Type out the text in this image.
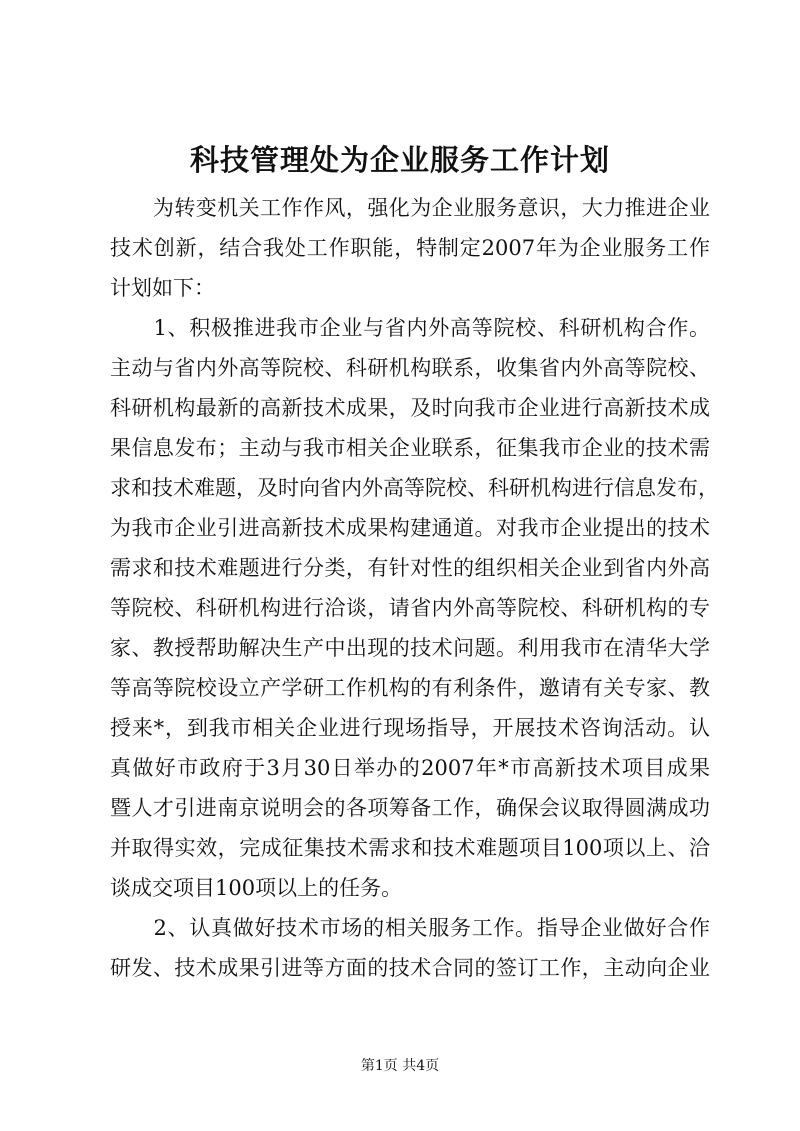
科技管理处为企业服务工作计划
　　为转变机关工作作风，强化为企业服务意识，大力推进企业
技术创新，结合我处工作职能，特制定2007年为企业服务工作
计划如下：
　　1、积极推进我市企业与省内外高等院校、科研机构合作。
主动与省内外高等院校、科研机构联系，收集省内外高等院校、
科研机构最新的高新技术成果，及时向我市企业进行高新技术成
果信息发布；主动与我市相关企业联系，征集我市企业的技术需
求和技术难题，及时向省内外高等院校、科研机构进行信息发布，
为我市企业引进高新技术成果构建通道。对我市企业提出的技术
需求和技术难题进行分类，有针对性的组织相关企业到省内外高
等院校、科研机构进行洽谈，请省内外高等院校、科研机构的专
家、教授帮助解决生产中出现的技术问题。利用我市在清华大学
等高等院校设立产学研工作机构的有利条件，邀请有关专家、教
授来*，到我市相关企业进行现场指导，开展技术咨询活动。认
真做好市政府于3月30日举办的2007年*市高新技术项目成果
暨人才引进南京说明会的各项筹备工作，确保会议取得圆满成功
并取得实效，完成征集技术需求和技术难题项目100项以上、洽
谈成交项目100项以上的任务。
　　2、认真做好技术市场的相关服务工作。指导企业做好合作
研发、技术成果引进等方面的技术合同的签订工作，主动向企业
第1页 共4页
